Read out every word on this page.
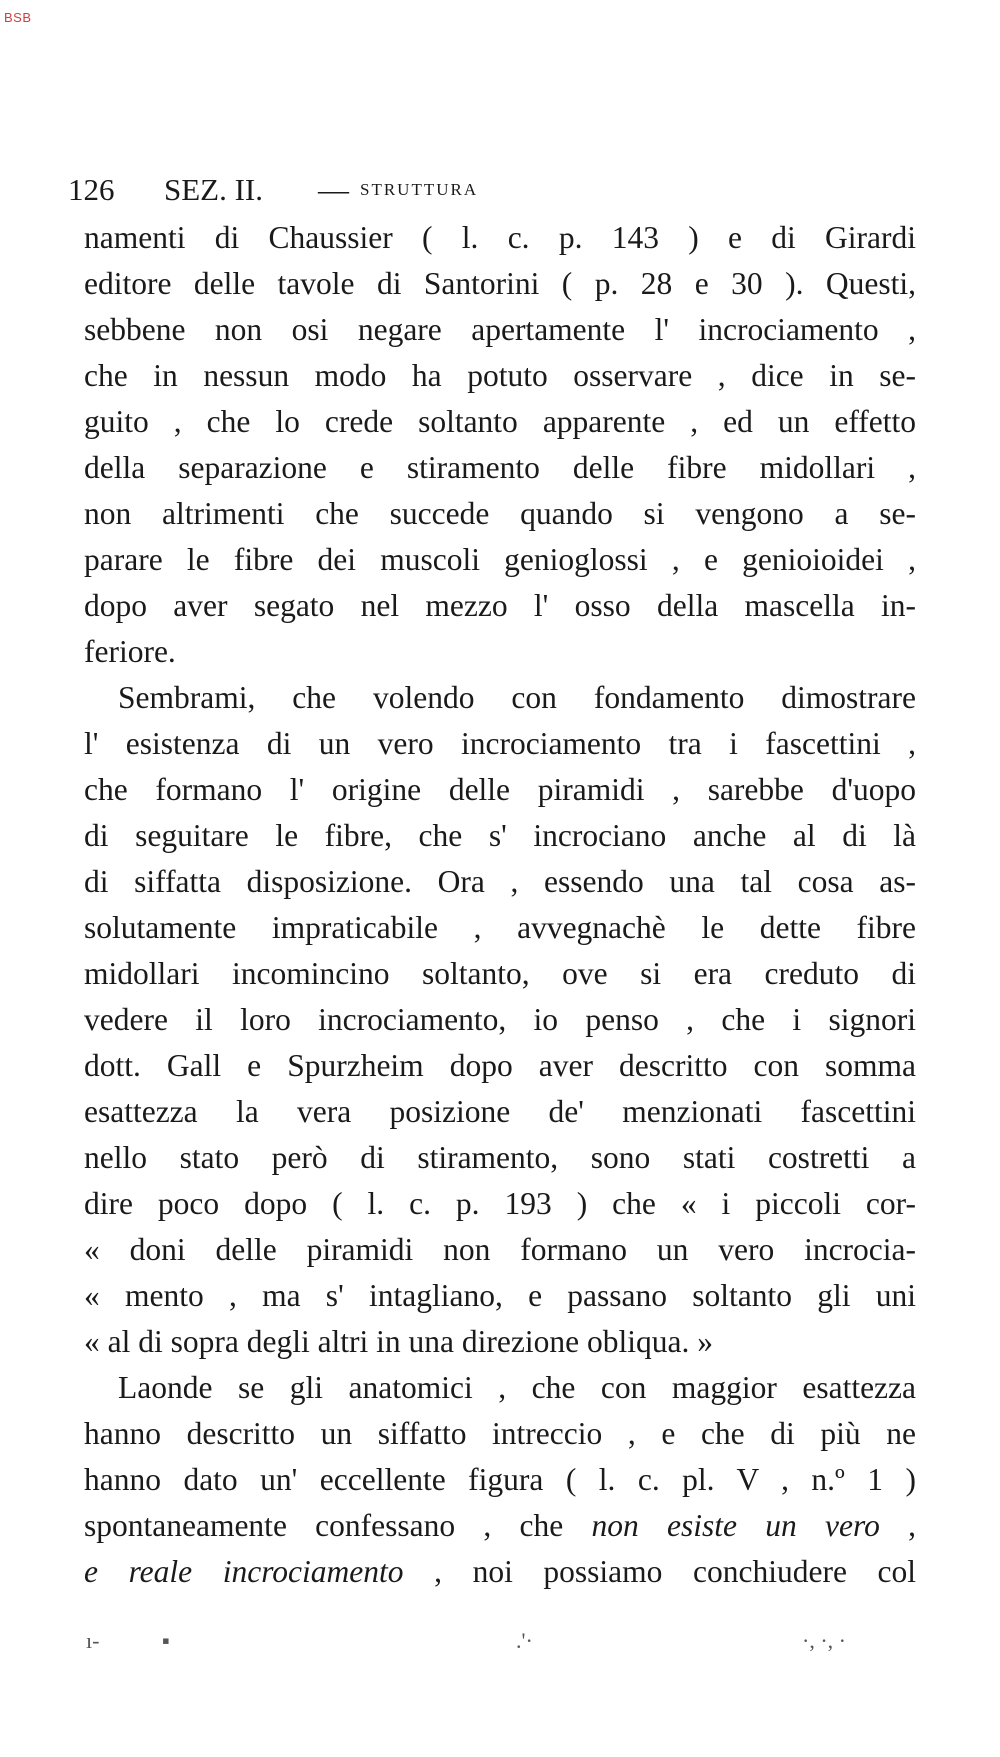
BSB
126 SEZ. II. — STRUTTURA
namenti di Chaussier ( l. c. p. 143 ) e di Girardi
editore delle tavole di Santorini ( p. 28 e 30 ). Questi,
sebbene non osi negare apertamente l' incrociamento ,
che in nessun modo ha potuto osservare , dice in se-
guito , che lo crede soltanto apparente , ed un effetto
della separazione e stiramento delle fibre midollari ,
non altrimenti che succede quando si vengono a se-
parare le fibre dei muscoli genioglossi , e genioioidei ,
dopo aver segato nel mezzo l' osso della mascella in-
feriore.
Sembrami, che volendo con fondamento dimostrare
l' esistenza di un vero incrociamento tra i fascettini ,
che formano l' origine delle piramidi , sarebbe d'uopo
di seguitare le fibre, che s' incrociano anche al di là
di siffatta disposizione. Ora , essendo una tal cosa as-
solutamente impraticabile , avvegnachè le dette fibre
midollari incomincino soltanto, ove si era creduto di
vedere il loro incrociamento, io penso , che i signori
dott. Gall e Spurzheim dopo aver descritto con somma
esattezza la vera posizione de' menzionati fascettini
nello stato però di stiramento, sono stati costretti a
dire poco dopo ( l. c. p. 193 ) che « i piccoli cor-
« doni delle piramidi non formano un vero incrocia-
« mento , ma s' intagliano, e passano soltanto gli uni
« al di sopra degli altri in una direzione obliqua. »
Laonde se gli anatomici , che con maggior esattezza
hanno descritto un siffatto intreccio , e che di più ne
hanno dato un' eccellente figura ( l. c. pl. V , n.º 1 )
spontaneamente confessano , che non esiste un vero ,
e reale incrociamento , noi possiamo conchiudere col
ı-	▪	.'·	·, ·, ·
